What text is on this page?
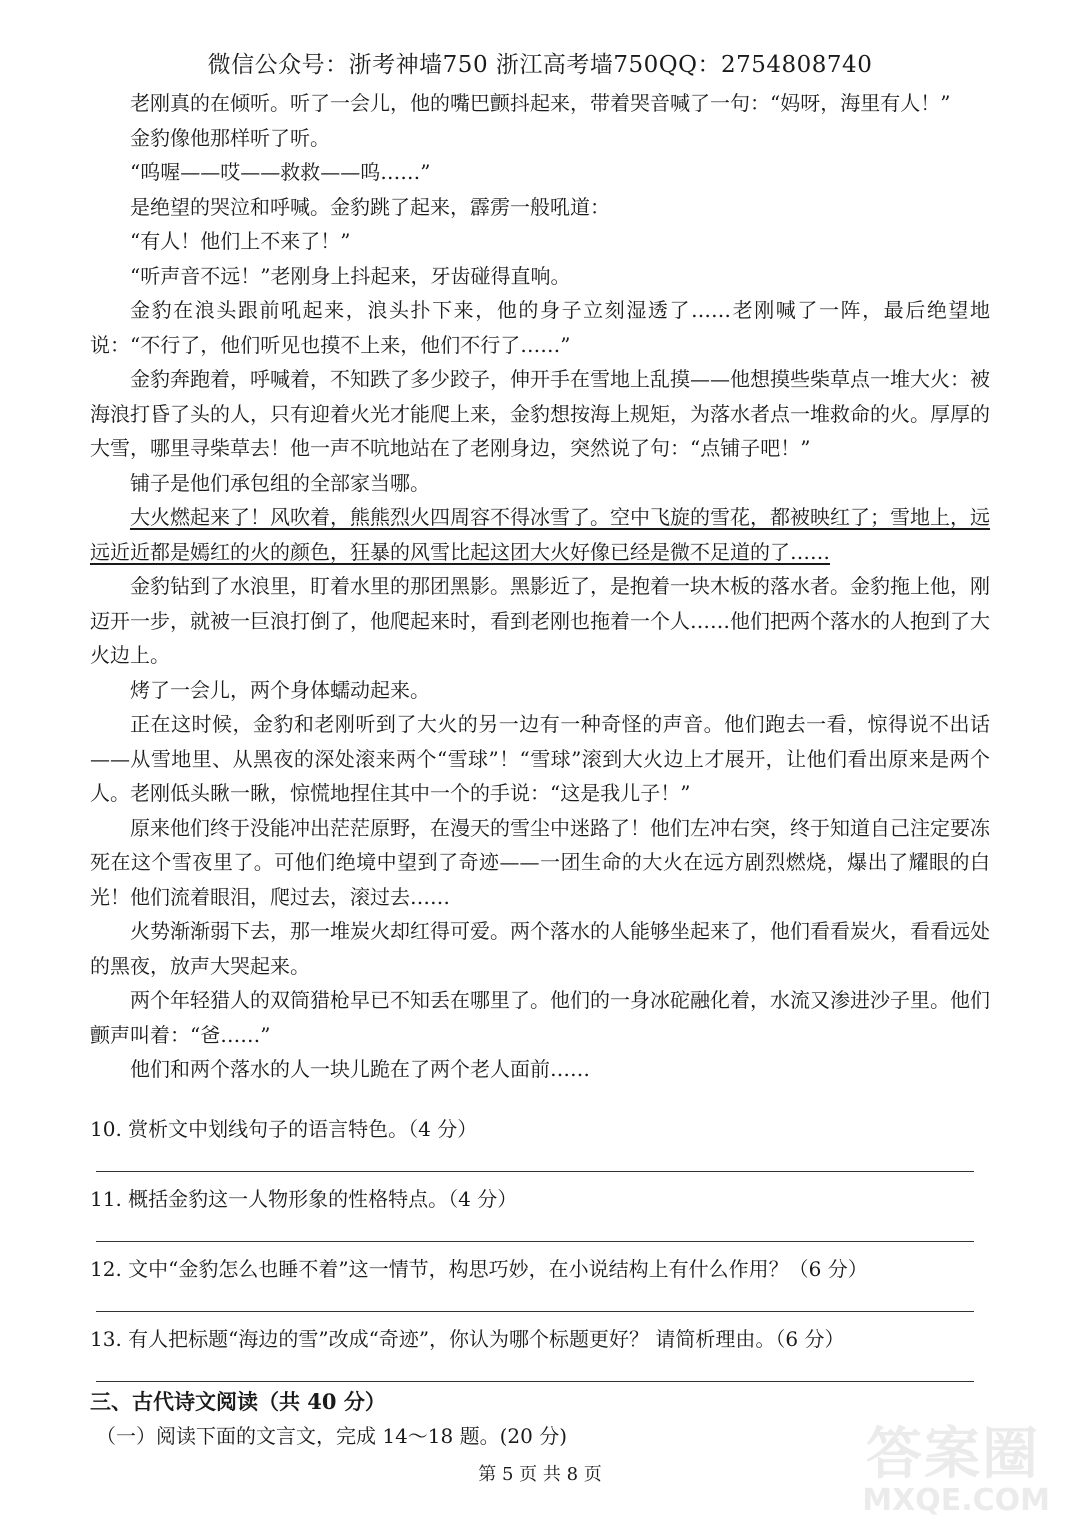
微信公众号：浙考神墙750 浙江高考墙750QQ：2754808740

老刚真的在倾听。听了一会儿，他的嘴巴颤抖起来，带着哭音喊了一句：“妈呀，海里有人！”

金豹像他那样听了听。

“呜喔——哎——救救——呜……”

是绝望的哭泣和呼喊。金豹跳了起来，霹雳一般吼道：

“有人！他们上不来了！”

“听声音不远！”老刚身上抖起来，牙齿碰得直响。

金豹在浪头跟前吼起来，浪头扑下来，他的身子立刻湿透了……老刚喊了一阵，最后绝望地说：“不行了，他们听见也摸不上来，他们不行了……”

金豹奔跑着，呼喊着，不知跌了多少跤子，伸开手在雪地上乱摸——他想摸些柴草点一堆大火：被海浪打昏了头的人，只有迎着火光才能爬上来，金豹想按海上规矩，为落水者点一堆救命的火。厚厚的大雪，哪里寻柴草去！他一声不吭地站在了老刚身边，突然说了句：“点铺子吧！”

铺子是他们承包组的全部家当哪。

大火燃起来了！风吹着，熊熊烈火四周容不得冰雪了。空中飞旋的雪花，都被映红了；雪地上，远远近近都是嫣红的火的颜色，狂暴的风雪比起这团大火好像已经是微不足道的了……

金豹钻到了水浪里，盯着水里的那团黑影。黑影近了，是抱着一块木板的落水者。金豹拖上他，刚迈开一步，就被一巨浪打倒了，他爬起来时，看到老刚也拖着一个人……他们把两个落水的人抱到了大火边上。

烤了一会儿，两个身体蠕动起来。

正在这时候，金豹和老刚听到了大火的另一边有一种奇怪的声音。他们跑去一看，惊得说不出话——从雪地里、从黑夜的深处滚来两个“雪球”！“雪球”滚到大火边上才展开，让他们看出原来是两个人。老刚低头瞅一瞅，惊慌地捏住其中一个的手说：“这是我儿子！”

原来他们终于没能冲出茫茫原野，在漫天的雪尘中迷路了！他们左冲右突，终于知道自己注定要冻死在这个雪夜里了。可他们绝境中望到了奇迹——一团生命的大火在远方剧烈燃烧，爆出了耀眼的白光！他们流着眼泪，爬过去，滚过去……

火势渐渐弱下去，那一堆炭火却红得可爱。两个落水的人能够坐起来了，他们看看炭火，看看远处的黑夜，放声大哭起来。

两个年轻猎人的双筒猎枪早已不知丢在哪里了。他们的一身冰砣融化着，水流又渗进沙子里。他们颤声叫着：“爸……”

他们和两个落水的人一块儿跪在了两个老人面前……

10. 赏析文中划线句子的语言特色。（4 分）

11. 概括金豹这一人物形象的性格特点。（4 分）

12. 文中“金豹怎么也睡不着”这一情节，构思巧妙，在小说结构上有什么作用？（6 分）

13. 有人把标题“海边的雪”改成“奇迹”，你认为哪个标题更好？ 请简析理由。（6 分）

三、古代诗文阅读（共 40 分）
（一）阅读下面的文言文，完成 14～18 题。(20 分)
第 5 页 共 8 页	答案圈
MXQE.COM
